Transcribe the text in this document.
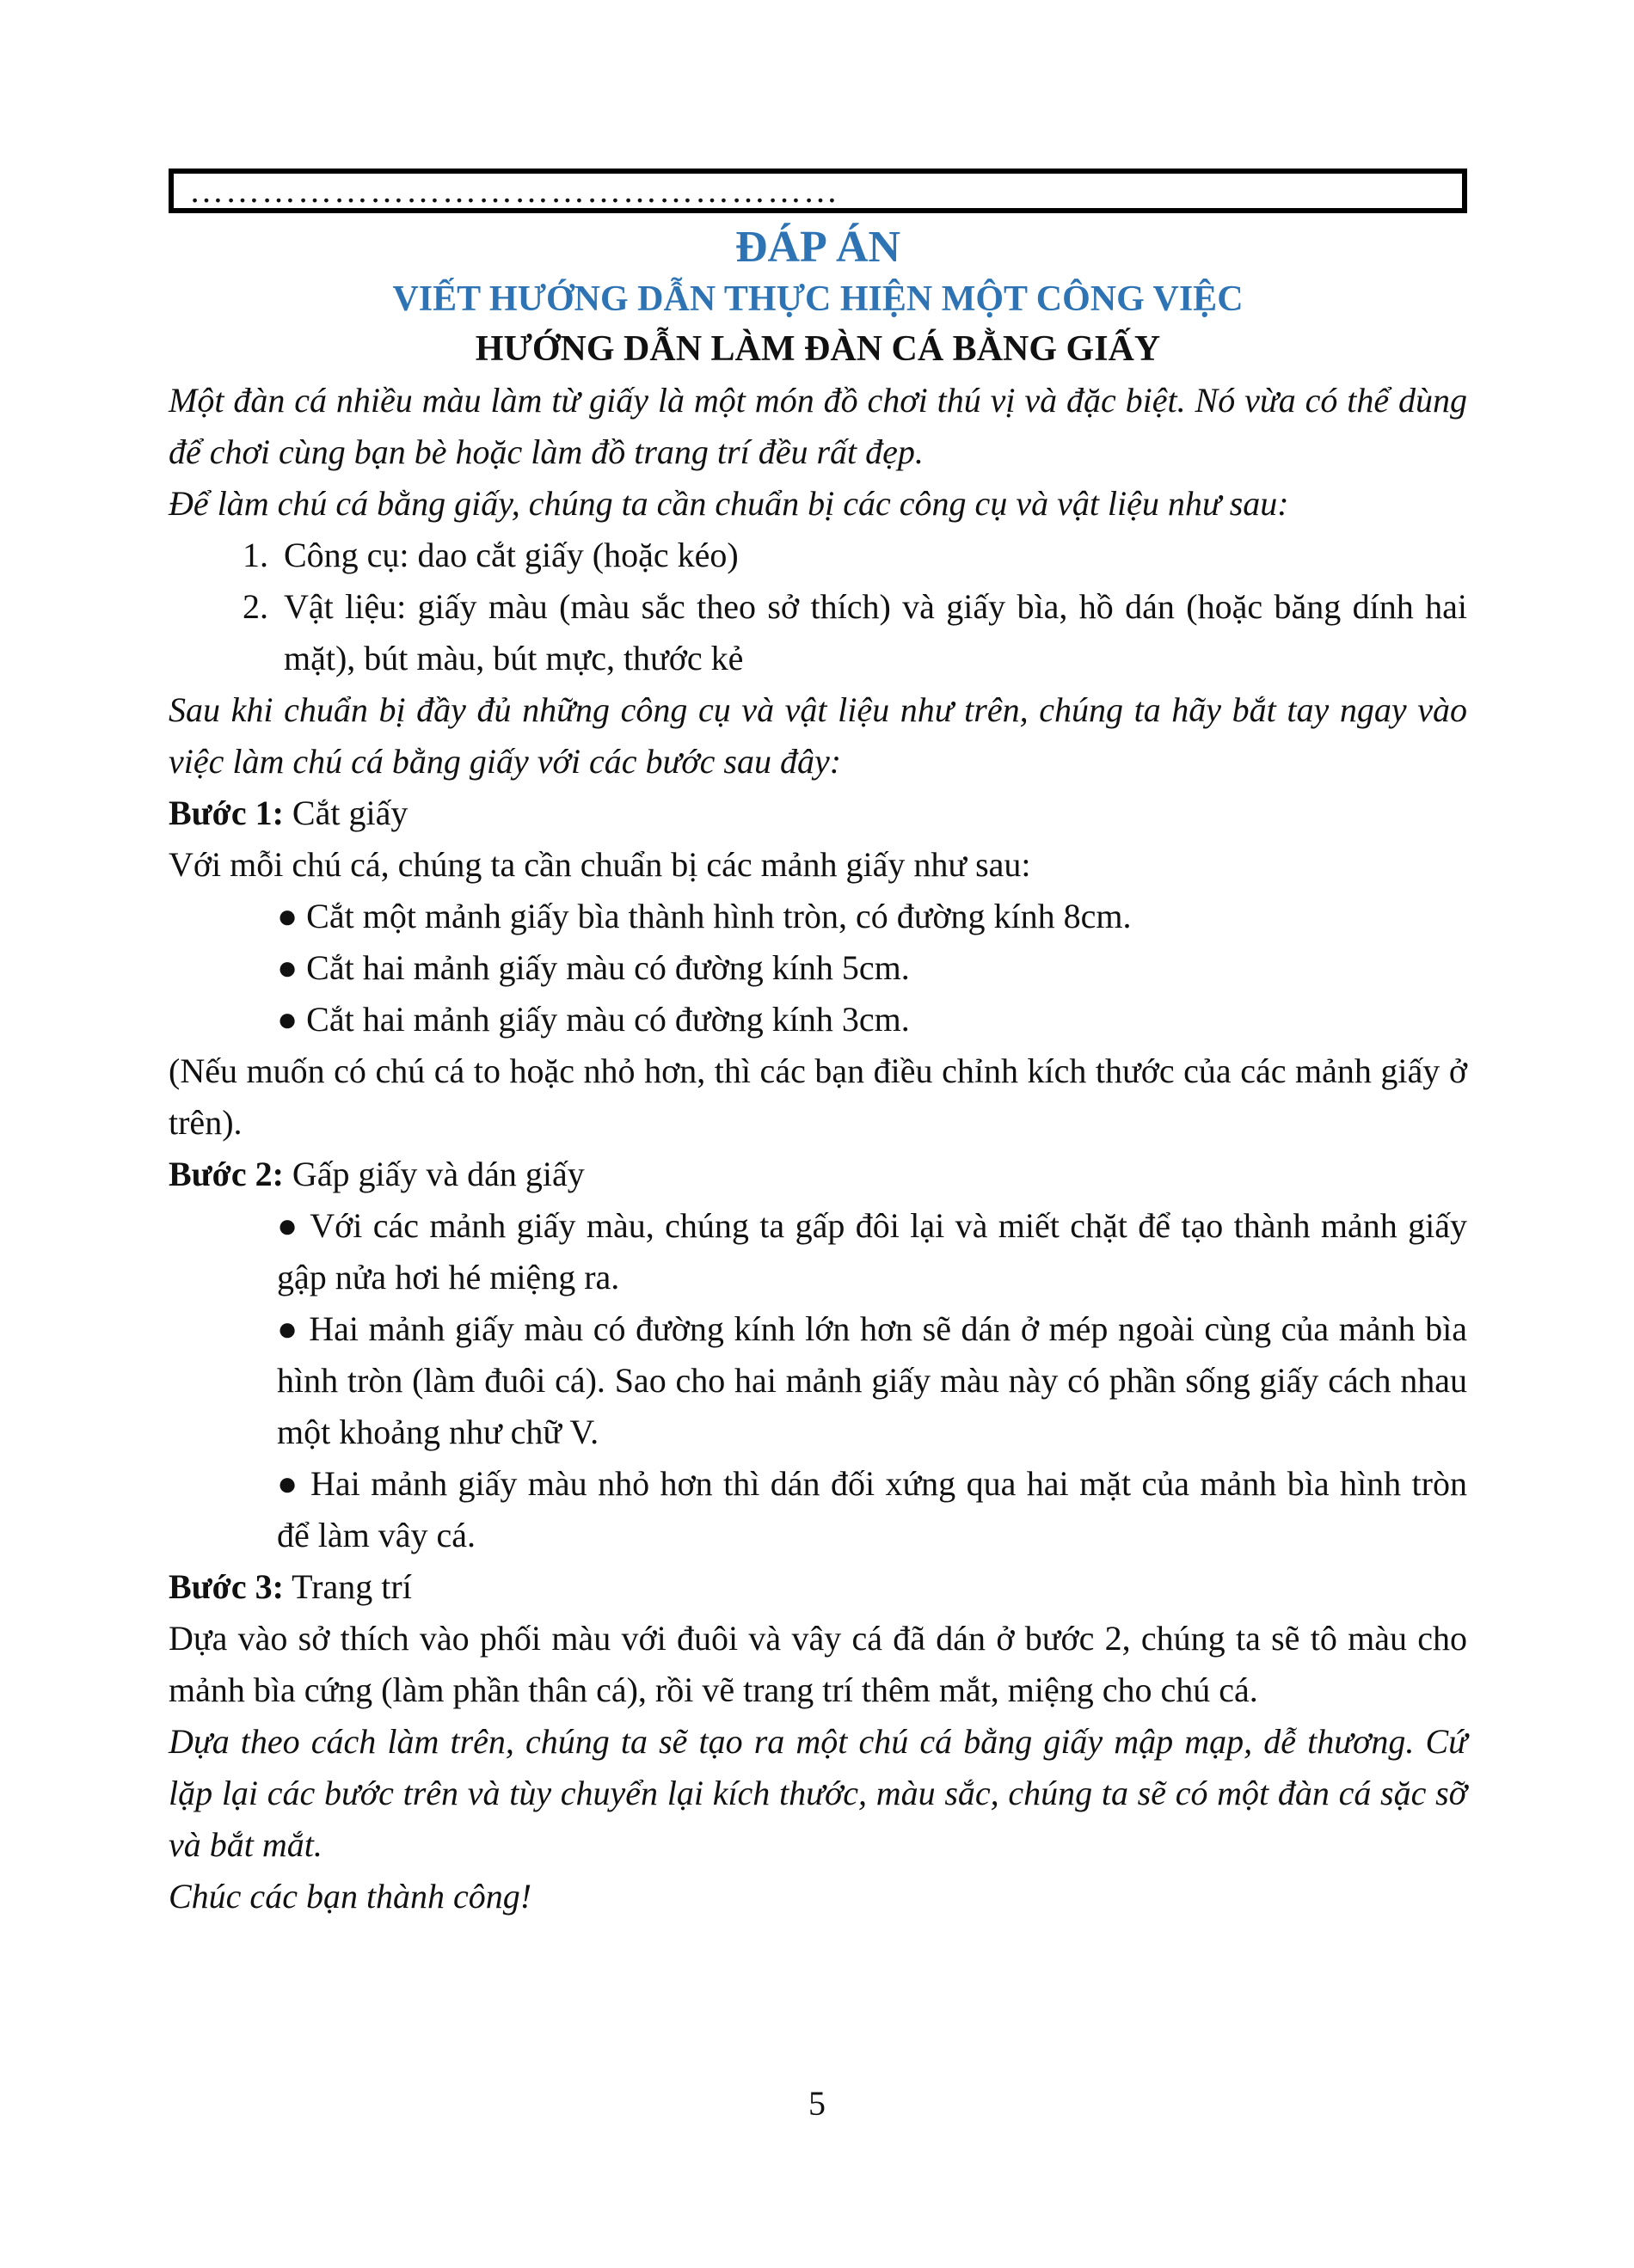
………………………………………………
ĐÁP ÁN
VIẾT HƯỚNG DẪN THỰC HIỆN MỘT CÔNG VIỆC
HƯỚNG DẪN LÀM ĐÀN CÁ BẰNG GIẤY

Một đàn cá nhiều màu làm từ giấy là một món đồ chơi thú vị và đặc biệt. Nó vừa có thể dùng để chơi cùng bạn bè hoặc làm đồ trang trí đều rất đẹp.

Để làm chú cá bằng giấy, chúng ta cần chuẩn bị các công cụ và vật liệu như sau:

1. Công cụ: dao cắt giấy (hoặc kéo)
2. Vật liệu: giấy màu (màu sắc theo sở thích) và giấy bìa, hồ dán (hoặc băng dính hai mặt), bút màu, bút mực, thước kẻ

Sau khi chuẩn bị đầy đủ những công cụ và vật liệu như trên, chúng ta hãy bắt tay ngay vào việc làm chú cá bằng giấy với các bước sau đây:

Bước 1: Cắt giấy

Với mỗi chú cá, chúng ta cần chuẩn bị các mảnh giấy như sau:

● Cắt một mảnh giấy bìa thành hình tròn, có đường kính 8cm.
● Cắt hai mảnh giấy màu có đường kính 5cm.
● Cắt hai mảnh giấy màu có đường kính 3cm.

(Nếu muốn có chú cá to hoặc nhỏ hơn, thì các bạn điều chỉnh kích thước của các mảnh giấy ở trên).

Bước 2: Gấp giấy và dán giấy

● Với các mảnh giấy màu, chúng ta gấp đôi lại và miết chặt để tạo thành mảnh giấy gập nửa hơi hé miệng ra.
● Hai mảnh giấy màu có đường kính lớn hơn sẽ dán ở mép ngoài cùng của mảnh bìa hình tròn (làm đuôi cá). Sao cho hai mảnh giấy màu này có phần sống giấy cách nhau một khoảng như chữ V.
● Hai mảnh giấy màu nhỏ hơn thì dán đối xứng qua hai mặt của mảnh bìa hình tròn để làm vây cá.

Bước 3: Trang trí

Dựa vào sở thích vào phối màu với đuôi và vây cá đã dán ở bước 2, chúng ta sẽ tô màu cho mảnh bìa cứng (làm phần thân cá), rồi vẽ trang trí thêm mắt, miệng cho chú cá.

Dựa theo cách làm trên, chúng ta sẽ tạo ra một chú cá bằng giấy mập mạp, dễ thương. Cứ lặp lại các bước trên và tùy chuyển lại kích thước, màu sắc, chúng ta sẽ có một đàn cá sặc sỡ và bắt mắt.

Chúc các bạn thành công!

5
